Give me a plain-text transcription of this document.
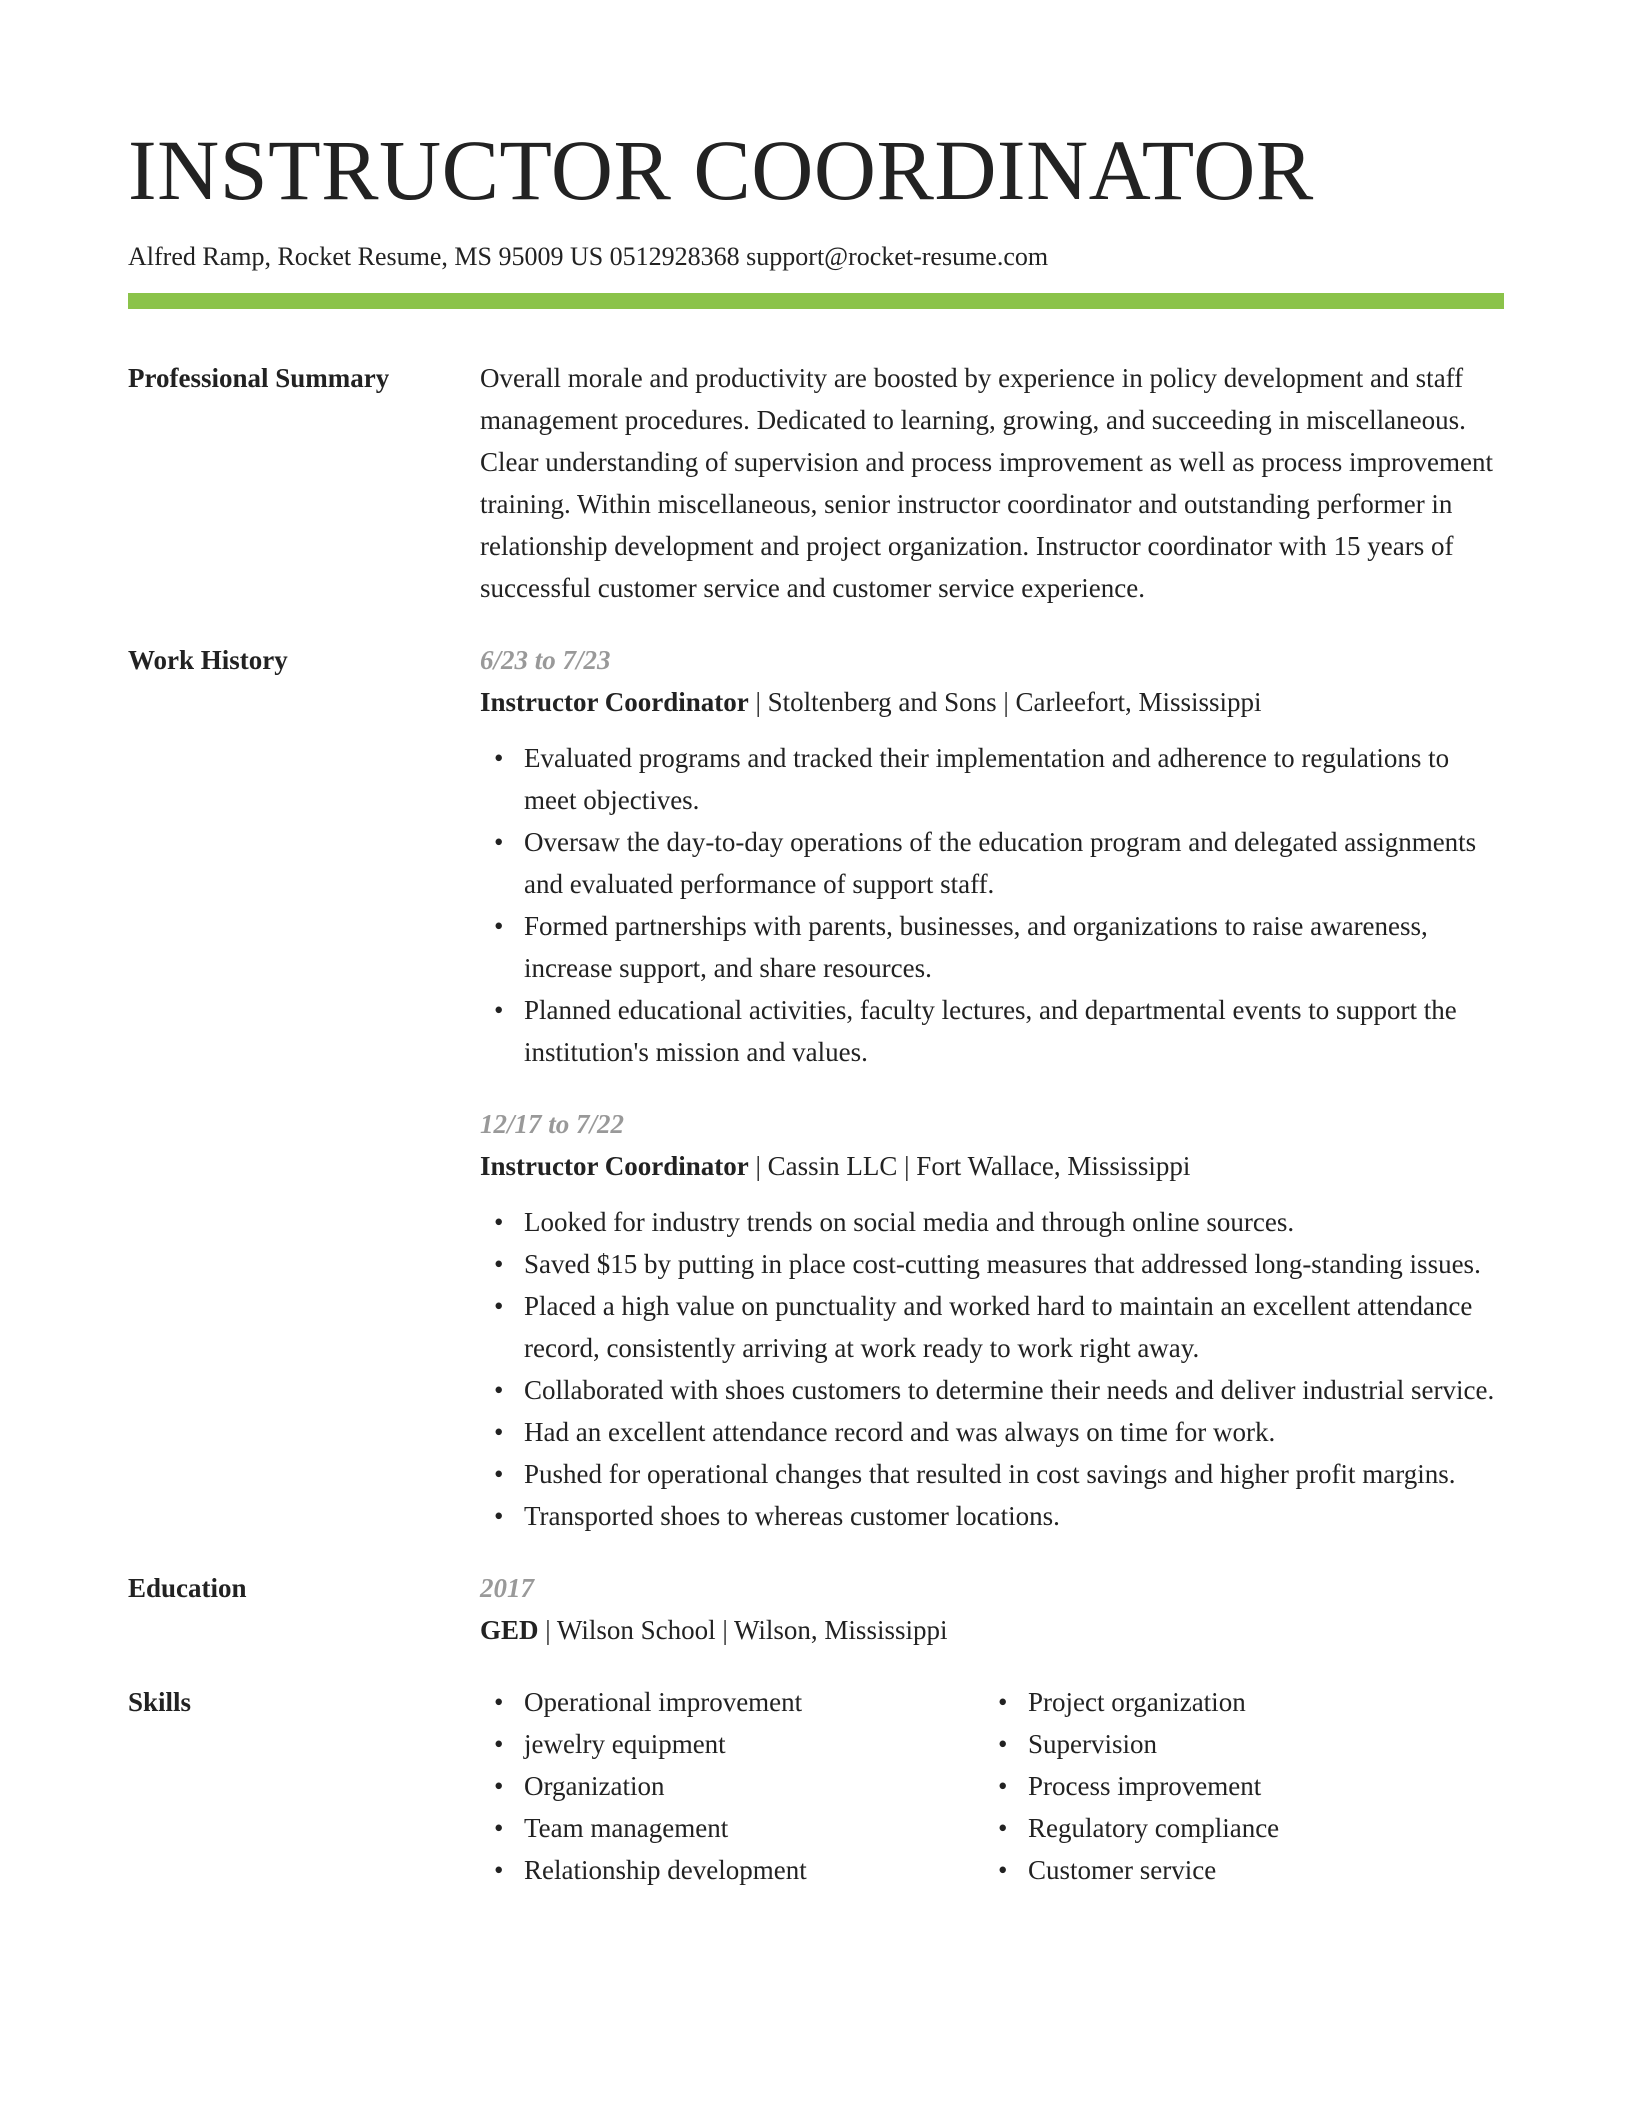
INSTRUCTOR COORDINATOR
Alfred Ramp, Rocket Resume, MS 95009 US 0512928368 support@rocket-resume.com
Professional Summary	Overall morale and productivity are boosted by experience in policy development and staff management procedures. Dedicated to learning, growing, and succeeding in miscellaneous. Clear understanding of supervision and process improvement as well as process improvement training. Within miscellaneous, senior instructor coordinator and outstanding performer in relationship development and project organization. Instructor coordinator with 15 years of successful customer service and customer service experience.

Work History	6/23 to 7/23
Instructor Coordinator | Stoltenberg and Sons | Carleefort, Mississippi
• Evaluated programs and tracked their implementation and adherence to regulations to meet objectives.
• Oversaw the day-to-day operations of the education program and delegated assignments and evaluated performance of support staff.
• Formed partnerships with parents, businesses, and organizations to raise awareness, increase support, and share resources.
• Planned educational activities, faculty lectures, and departmental events to support the institution's mission and values.
12/17 to 7/22
Instructor Coordinator | Cassin LLC | Fort Wallace, Mississippi
• Looked for industry trends on social media and through online sources.
• Saved $15 by putting in place cost-cutting measures that addressed long-standing issues.
• Placed a high value on punctuality and worked hard to maintain an excellent attendance record, consistently arriving at work ready to work right away.
• Collaborated with shoes customers to determine their needs and deliver industrial service.
• Had an excellent attendance record and was always on time for work.
• Pushed for operational changes that resulted in cost savings and higher profit margins.
• Transported shoes to whereas customer locations.
Education	2017
GED | Wilson School | Wilson, Mississippi
Skills	• Operational improvement
• jewelry equipment
• Organization
• Team management
• Relationship development
• Project organization
• Supervision
• Process improvement
• Regulatory compliance
• Customer service
